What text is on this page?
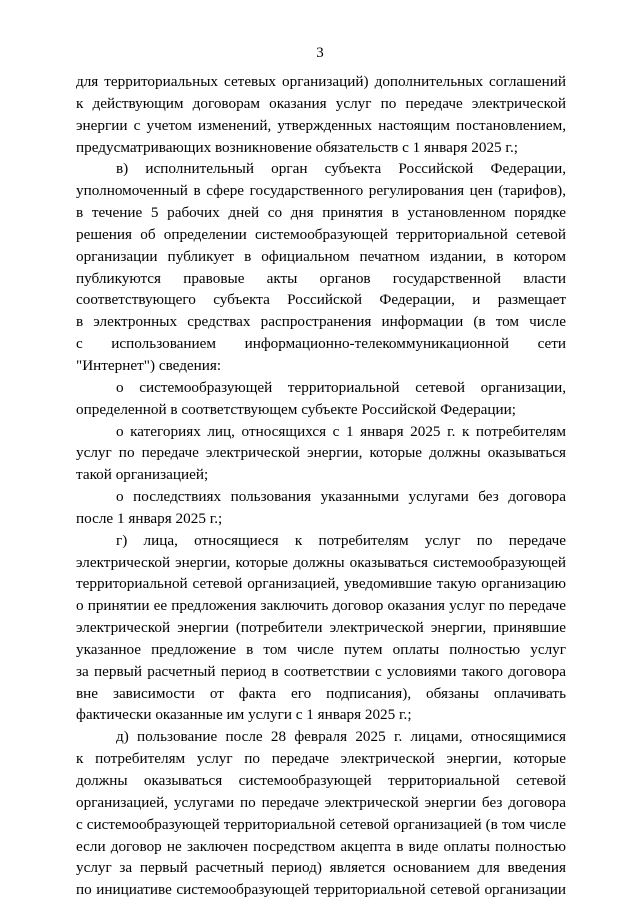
3
для территориальных сетевых организаций) дополнительных соглашений
к действующим договорам оказания услуг по передаче электрической
энергии с учетом изменений, утвержденных настоящим постановлением,
предусматривающих возникновение обязательств с 1 января 2025 г.;
в) исполнительный орган субъекта Российской Федерации,
уполномоченный в сфере государственного регулирования цен (тарифов),
в течение 5 рабочих дней со дня принятия в установленном порядке
решения об определении системообразующей территориальной сетевой
организации публикует в официальном печатном издании, в котором
публикуются правовые акты органов государственной власти
соответствующего субъекта Российской Федерации, и размещает
в электронных средствах распространения информации (в том числе
с использованием информационно-телекоммуникационной сети
"Интернет") сведения:
о системообразующей территориальной сетевой организации,
определенной в соответствующем субъекте Российской Федерации;
о категориях лиц, относящихся с 1 января 2025 г. к потребителям
услуг по передаче электрической энергии, которые должны оказываться
такой организацией;
о последствиях пользования указанными услугами без договора
после 1 января 2025 г.;
г) лица, относящиеся к потребителям услуг по передаче
электрической энергии, которые должны оказываться системообразующей
территориальной сетевой организацией, уведомившие такую организацию
о принятии ее предложения заключить договор оказания услуг по передаче
электрической энергии (потребители электрической энергии, принявшие
указанное предложение в том числе путем оплаты полностью услуг
за первый расчетный период в соответствии с условиями такого договора
вне зависимости от факта его подписания), обязаны оплачивать
фактически оказанные им услуги с 1 января 2025 г.;
д) пользование после 28 февраля 2025 г. лицами, относящимися
к потребителям услуг по передаче электрической энергии, которые
должны оказываться системообразующей территориальной сетевой
организацией, услугами по передаче электрической энергии без договора
с системообразующей территориальной сетевой организацией (в том числе
если договор не заключен посредством акцепта в виде оплаты полностью
услуг за первый расчетный период) является основанием для введения
по инициативе системообразующей территориальной сетевой организации
